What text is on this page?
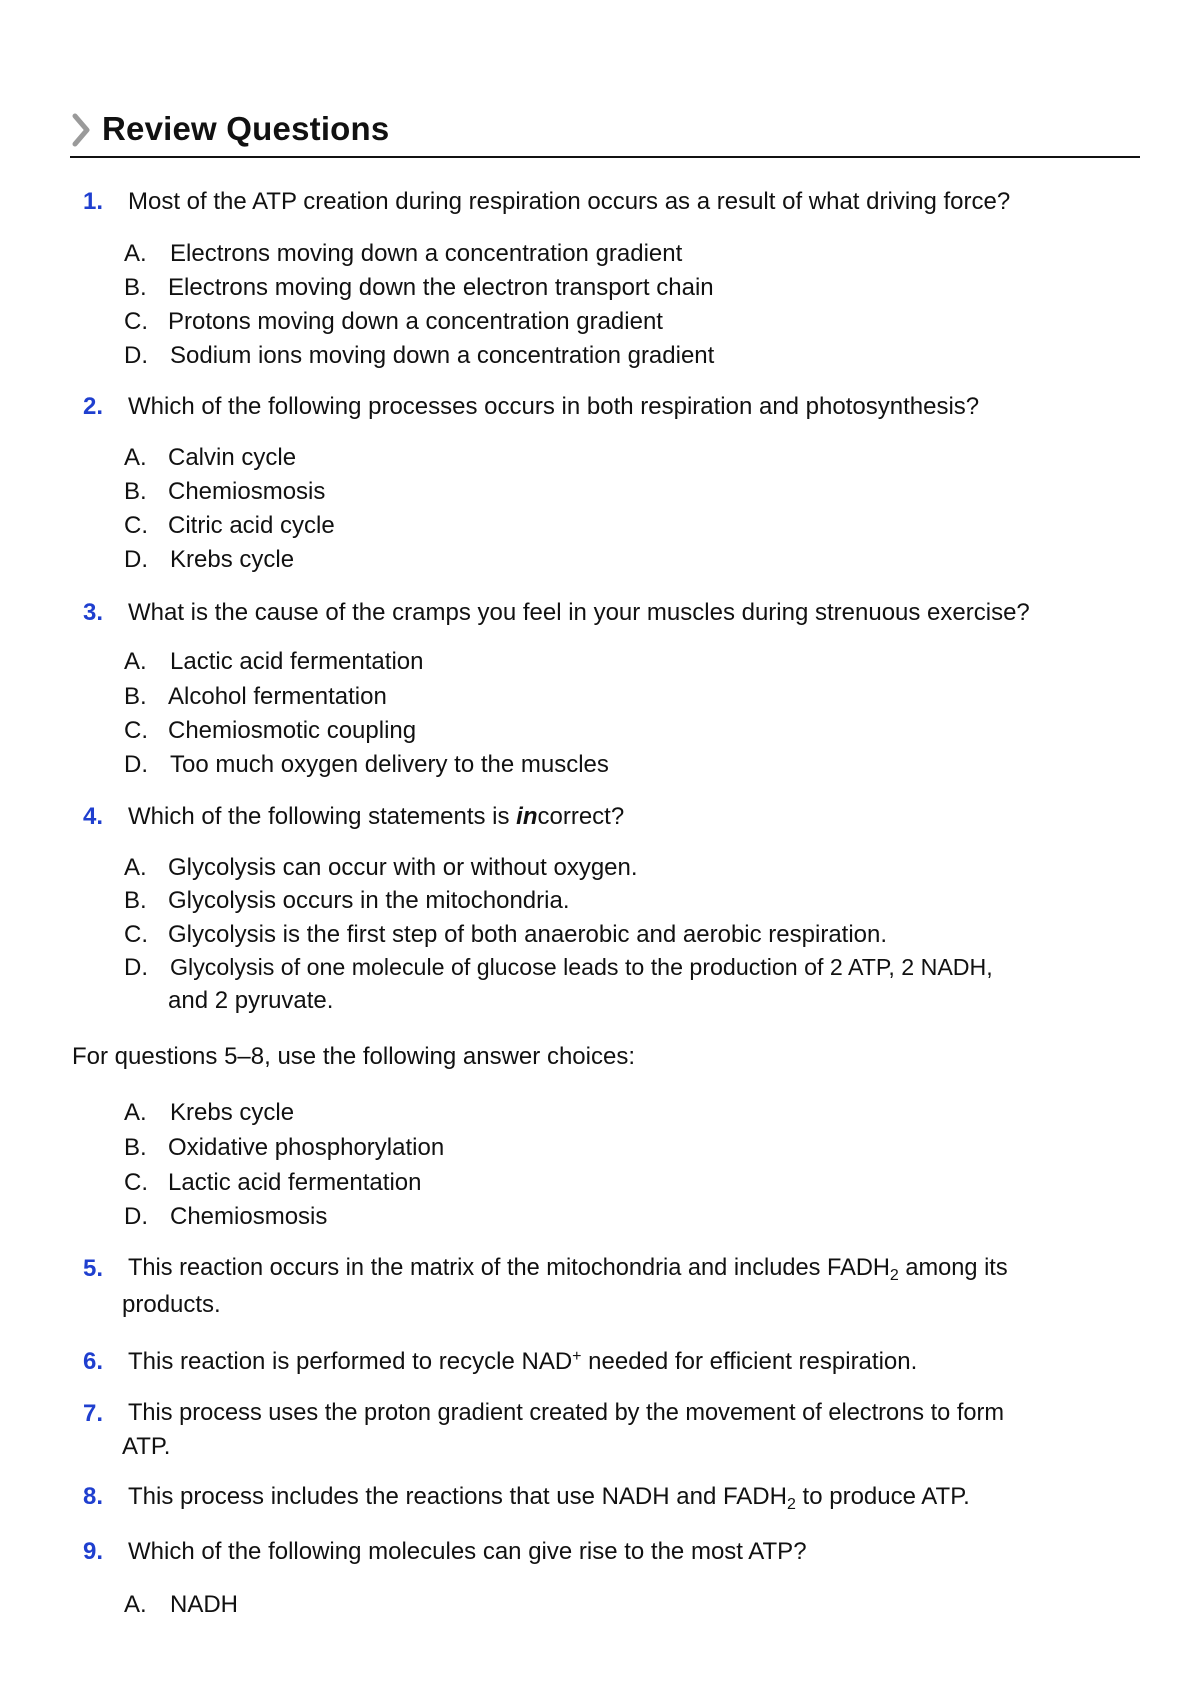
Review Questions
1. Most of the ATP creation during respiration occurs as a result of what driving force?
A. Electrons moving down a concentration gradient
B. Electrons moving down the electron transport chain
C. Protons moving down a concentration gradient
D. Sodium ions moving down a concentration gradient
2. Which of the following processes occurs in both respiration and photosynthesis?
A. Calvin cycle
B. Chemiosmosis
C. Citric acid cycle
D. Krebs cycle
3. What is the cause of the cramps you feel in your muscles during strenuous exercise?
A. Lactic acid fermentation
B. Alcohol fermentation
C. Chemiosmotic coupling
D. Too much oxygen delivery to the muscles
4. Which of the following statements is incorrect?
A. Glycolysis can occur with or without oxygen.
B. Glycolysis occurs in the mitochondria.
C. Glycolysis is the first step of both anaerobic and aerobic respiration.
D. Glycolysis of one molecule of glucose leads to the production of 2 ATP, 2 NADH,
and 2 pyruvate.
For questions 5–8, use the following answer choices:
A. Krebs cycle
B. Oxidative phosphorylation
C. Lactic acid fermentation
D. Chemiosmosis
5. This reaction occurs in the matrix of the mitochondria and includes $FADH_2$ among its
products.
6. This reaction is performed to recycle NAD+ needed for efficient respiration.
7. This process uses the proton gradient created by the movement of electrons to form
ATP.
8. This process includes the reactions that use NADH and $FADH_2$ to produce ATP.
9. Which of the following molecules can give rise to the most ATP?
A. NADH
